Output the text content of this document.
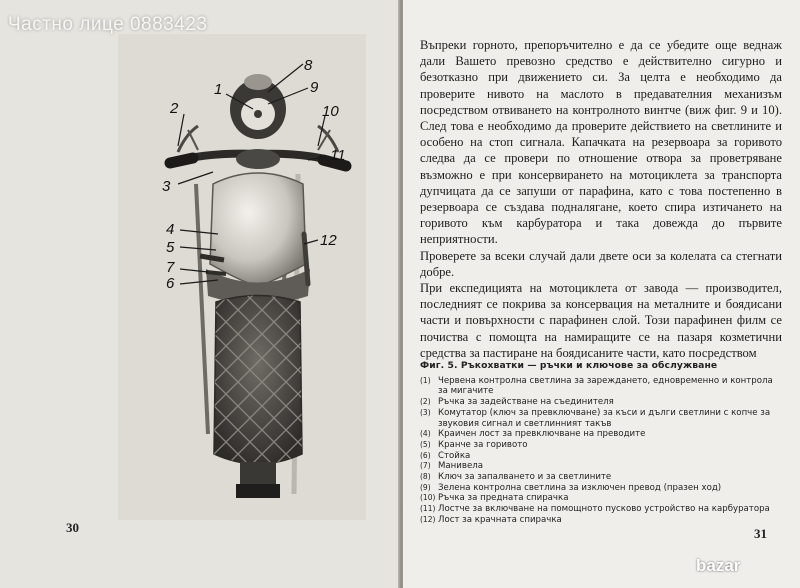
1
2
3
4
5
6
7
8
9
10
11
12
30

Въпреки горното, препоръчително е да се убедите още веднаж дали Вашето превозно средство е действително сигурно и безотказно при движението си. За целта е необходимо да проверите нивото на маслото в предавателния механизъм посредством отвиването на контролното винтче (виж фиг. 9 и 10). След това е необходимо да проверите действието на светлините и особено на стоп сигнала. Капачката на резервоара за горивото следва да се провери по отношение отвора за проветряване възможно е при консервирането на мотоциклета за транспорта дупчицата да се запуши от парафина, като с това постепенно в резервоара се създава подналягане, което спира изтичането на горивото към карбуратора и така довежда до първите неприятности.

Проверете за всеки случай дали двете оси за колелата са стегнати добре.

При експедицията на мотоциклета от завода — производител, последният се покрива за консервация на металните и боядисани части и повърхности с парафинен слой. Този парафинен филм се почиства с помощта на намиращите се на пазаря козметични средства за пастиране на боядисаните части, като посредством

Фиг. 5. Ръкохватки — ръчки и ключове за обслужване
(1) Червена контролна светлина за зареждането, едновременно и контрола за мигачите
(2) Ръчка за задействане на съединителя
(3) Комутатор (ключ за превключване) за къси и дълги светлини с копче за звуковия сигнал и светлинният такъв
(4) Краичен лост за превключване на преводите
(5) Кранче за горивото
(6) Стойка
(7) Манивела
(8) Ключ за запалването и за светлините
(9) Зелена контролна светлина за изключен превод (празен ход)
(10) Ръчка за предната спирачка
(11) Лостче за включване на помощното пусково устройство на карбуратора
(12) Лост за крачната спирачка
31
Частно лице 0883423
bazar
